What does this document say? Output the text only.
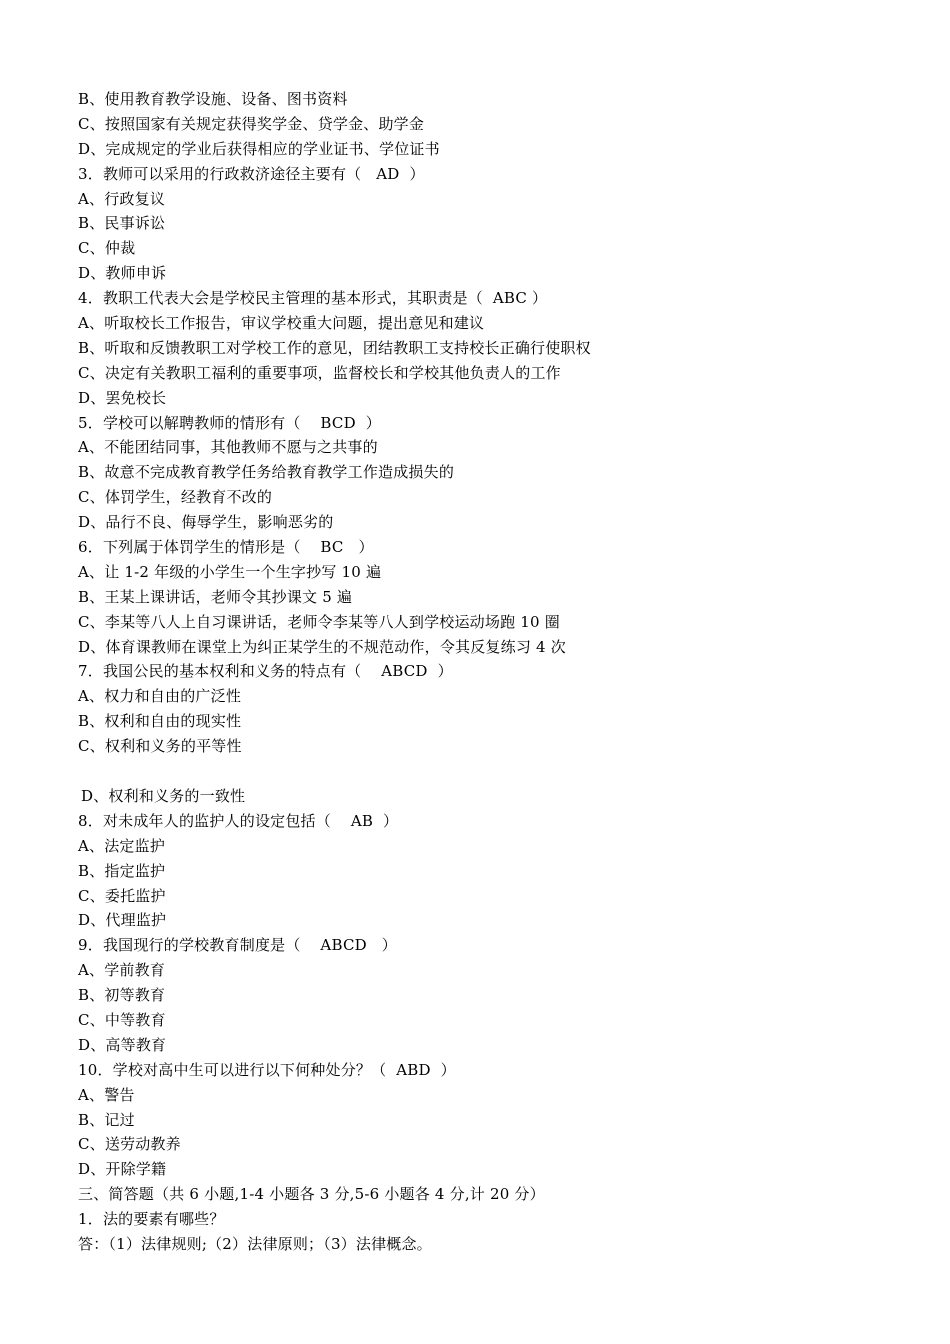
B、使用教育教学设施、设备、图书资料
C、按照国家有关规定获得奖学金、贷学金、助学金
D、完成规定的学业后获得相应的学业证书、学位证书
3．教师可以采用的行政救济途径主要有（   AD  ）
A、行政复议
B、民事诉讼
C、仲裁
D、教师申诉
4．教职工代表大会是学校民主管理的基本形式，其职责是（  ABC ）
A、听取校长工作报告，审议学校重大问题，提出意见和建议
B、听取和反馈教职工对学校工作的意见，团结教职工支持校长正确行使职权
C、决定有关教职工福利的重要事项，监督校长和学校其他负责人的工作
D、罢免校长
5．学校可以解聘教师的情形有（    BCD  ）
A、不能团结同事，其他教师不愿与之共事的
B、故意不完成教育教学任务给教育教学工作造成损失的
C、体罚学生，经教育不改的
D、品行不良、侮辱学生，影响恶劣的
6．下列属于体罚学生的情形是（    BC   ）
A、让 1-2 年级的小学生一个生字抄写 10 遍
B、王某上课讲话，老师令其抄课文 5 遍
C、李某等八人上自习课讲话，老师令李某等八人到学校运动场跑 10 圈
D、体育课教师在课堂上为纠正某学生的不规范动作，令其反复练习 4 次
7．我国公民的基本权利和义务的特点有（    ABCD  ）
A、权力和自由的广泛性
B、权利和自由的现实性
C、权利和义务的平等性
D、权利和义务的一致性
8．对未成年人的监护人的设定包括（    AB  ）
A、法定监护
B、指定监护
C、委托监护
D、代理监护
9．我国现行的学校教育制度是（    ABCD   ）
A、学前教育
B、初等教育
C、中等教育
D、高等教育
10．学校对高中生可以进行以下何种处分？（  ABD  ）
A、警告
B、记过
C、送劳动教养
D、开除学籍
三、简答题（共 6 小题,1-4 小题各 3 分,5-6 小题各 4 分,计 20 分）
1．法的要素有哪些？
答：（1）法律规则;（2）法律原则；（3）法律概念。
